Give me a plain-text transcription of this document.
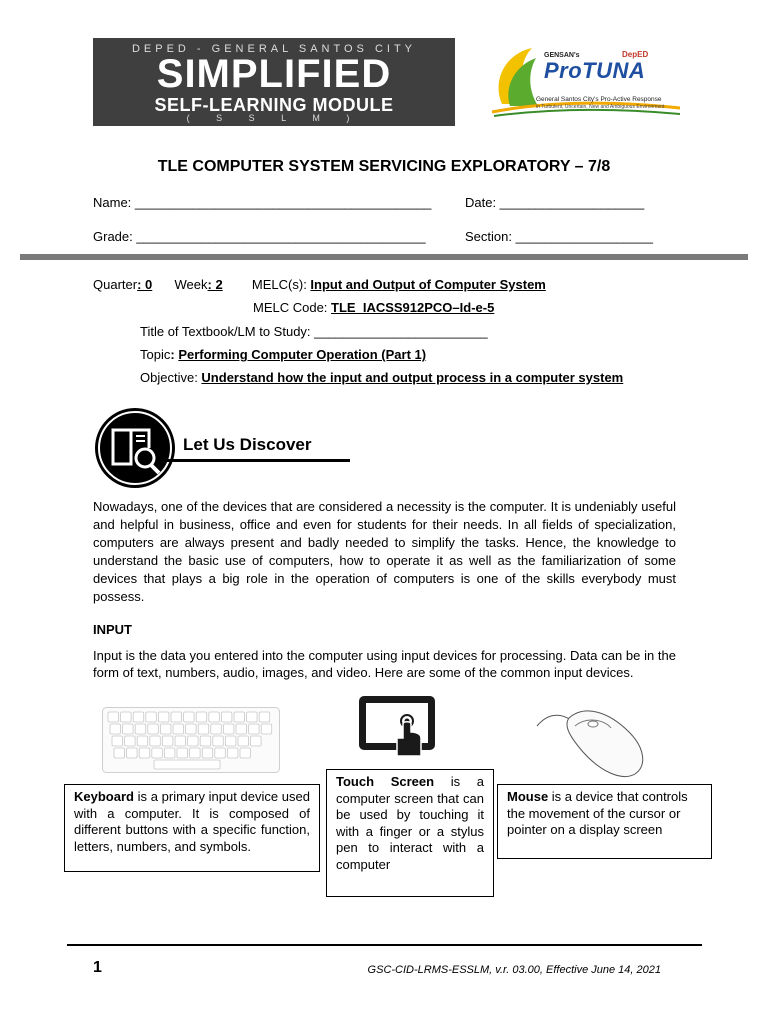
DEPED - GENERAL SANTOS CITY
SIMPLIFIED
SELF-LEARNING MODULE
( S S L M )
GENSAN's	DepED
ProTUNA
General Santos City's Pro-Active Response
in Turbulent, Uncertain, New and Ambiguous Environment
TLE COMPUTER SYSTEM SERVICING EXPLORATORY – 7/8
Name: _________________________________________	Date: ____________________
Grade: ________________________________________	Section: ___________________
Quarter: 0 Week: 2 MELC(s): Input and Output of Computer System
MELC Code: TLE_IACSS912PCO–Id-e-5
Title of Textbook/LM to Study: ________________________
Topic: Performing Computer Operation (Part 1)
Objective: Understand how the input and output process in a computer system
Let Us Discover
Nowadays, one of the devices that are considered a necessity is the computer. It is undeniably useful and helpful in business, office and even for students for their needs. In all fields of specialization, computers are always present and badly needed to simplify the tasks. Hence, the knowledge to understand the basic use of computers, how to operate it as well as the familiarization of some devices that plays a big role in the operation of computers is one of the skills everybody must possess.
INPUT
Input is the data you entered into the computer using input devices for processing. Data can be in the form of text, numbers, audio, images, and video. Here are some of the common input devices.
Keyboard is a primary input device used with a computer. It is composed of different buttons with a specific function, letters, numbers, and symbols.
Touch Screen is a computer screen that can be used by touching it with a finger or a stylus pen to interact with a computer
Mouse is a device that controls the movement of the cursor or pointer on a display screen
1	GSC-CID-LRMS-ESSLM, v.r. 03.00, Effective June 14, 2021
